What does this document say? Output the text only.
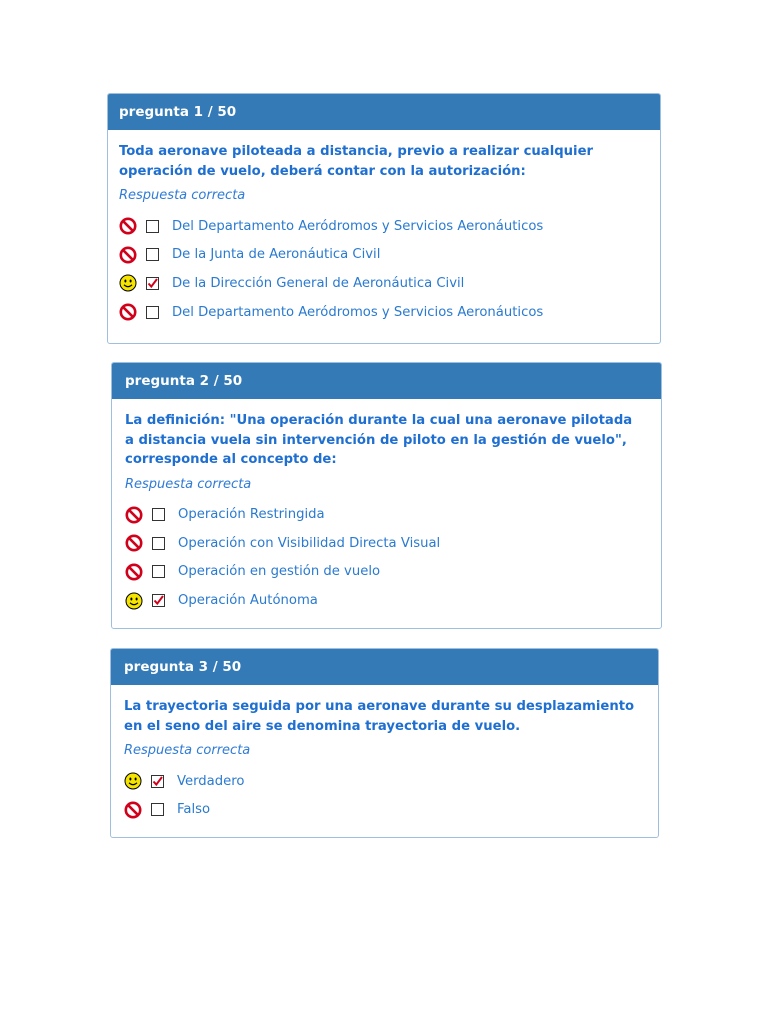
pregunta 1 / 50
Toda aeronave piloteada a distancia, previo a realizar cualquier operación de vuelo, deberá contar con la autorización:
Respuesta correcta
Del Departamento Aeródromos y Servicios Aeronáuticos
De la Junta de Aeronáutica Civil
De la Dirección General de Aeronáutica Civil
Del Departamento Aeródromos y Servicios Aeronáuticos
pregunta 2 / 50
La definición: "Una operación durante la cual una aeronave pilotada a distancia vuela sin intervención de piloto en la gestión de vuelo", corresponde al concepto de:
Respuesta correcta
Operación Restringida
Operación con Visibilidad Directa Visual
Operación en gestión de vuelo
Operación Autónoma
pregunta 3 / 50
La trayectoria seguida por una aeronave durante su desplazamiento en el seno del aire se denomina trayectoria de vuelo.
Respuesta correcta
Verdadero
Falso
